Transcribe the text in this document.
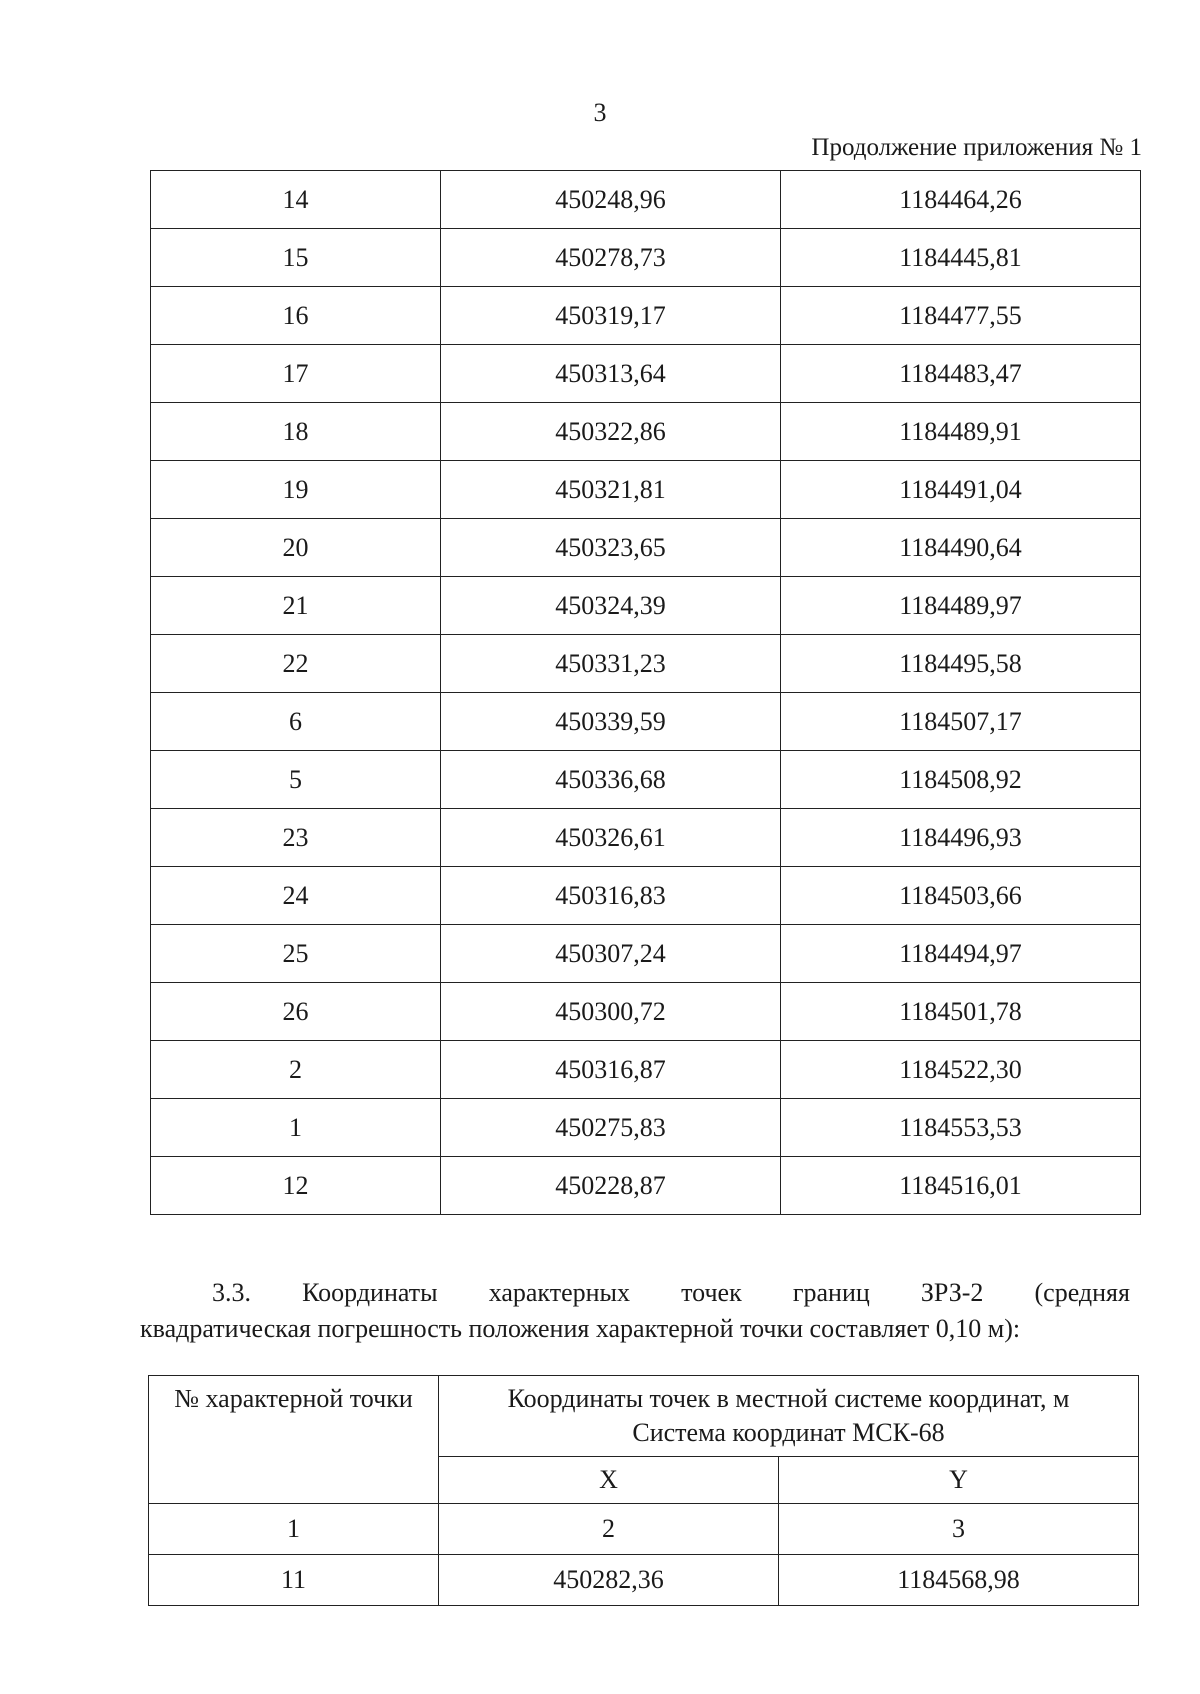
3
Продолжение приложения № 1
14	450248,96	1184464,26
15	450278,73	1184445,81
16	450319,17	1184477,55
17	450313,64	1184483,47
18	450322,86	1184489,91
19	450321,81	1184491,04
20	450323,65	1184490,64
21	450324,39	1184489,97
22	450331,23	1184495,58
6	450339,59	1184507,17
5	450336,68	1184508,92
23	450326,61	1184496,93
24	450316,83	1184503,66
25	450307,24	1184494,97
26	450300,72	1184501,78
2	450316,87	1184522,30
1	450275,83	1184553,53
12	450228,87	1184516,01
3.3. Координаты характерных точек границ ЗРЗ-2 (средняя
квадратическая погрешность положения характерной точки составляет 0,10 м):
№ характерной точки	Координаты точек в местной системе координат, м
Система координат МСК-68	

	X	Y
1	2	3
11	450282,36	1184568,98
